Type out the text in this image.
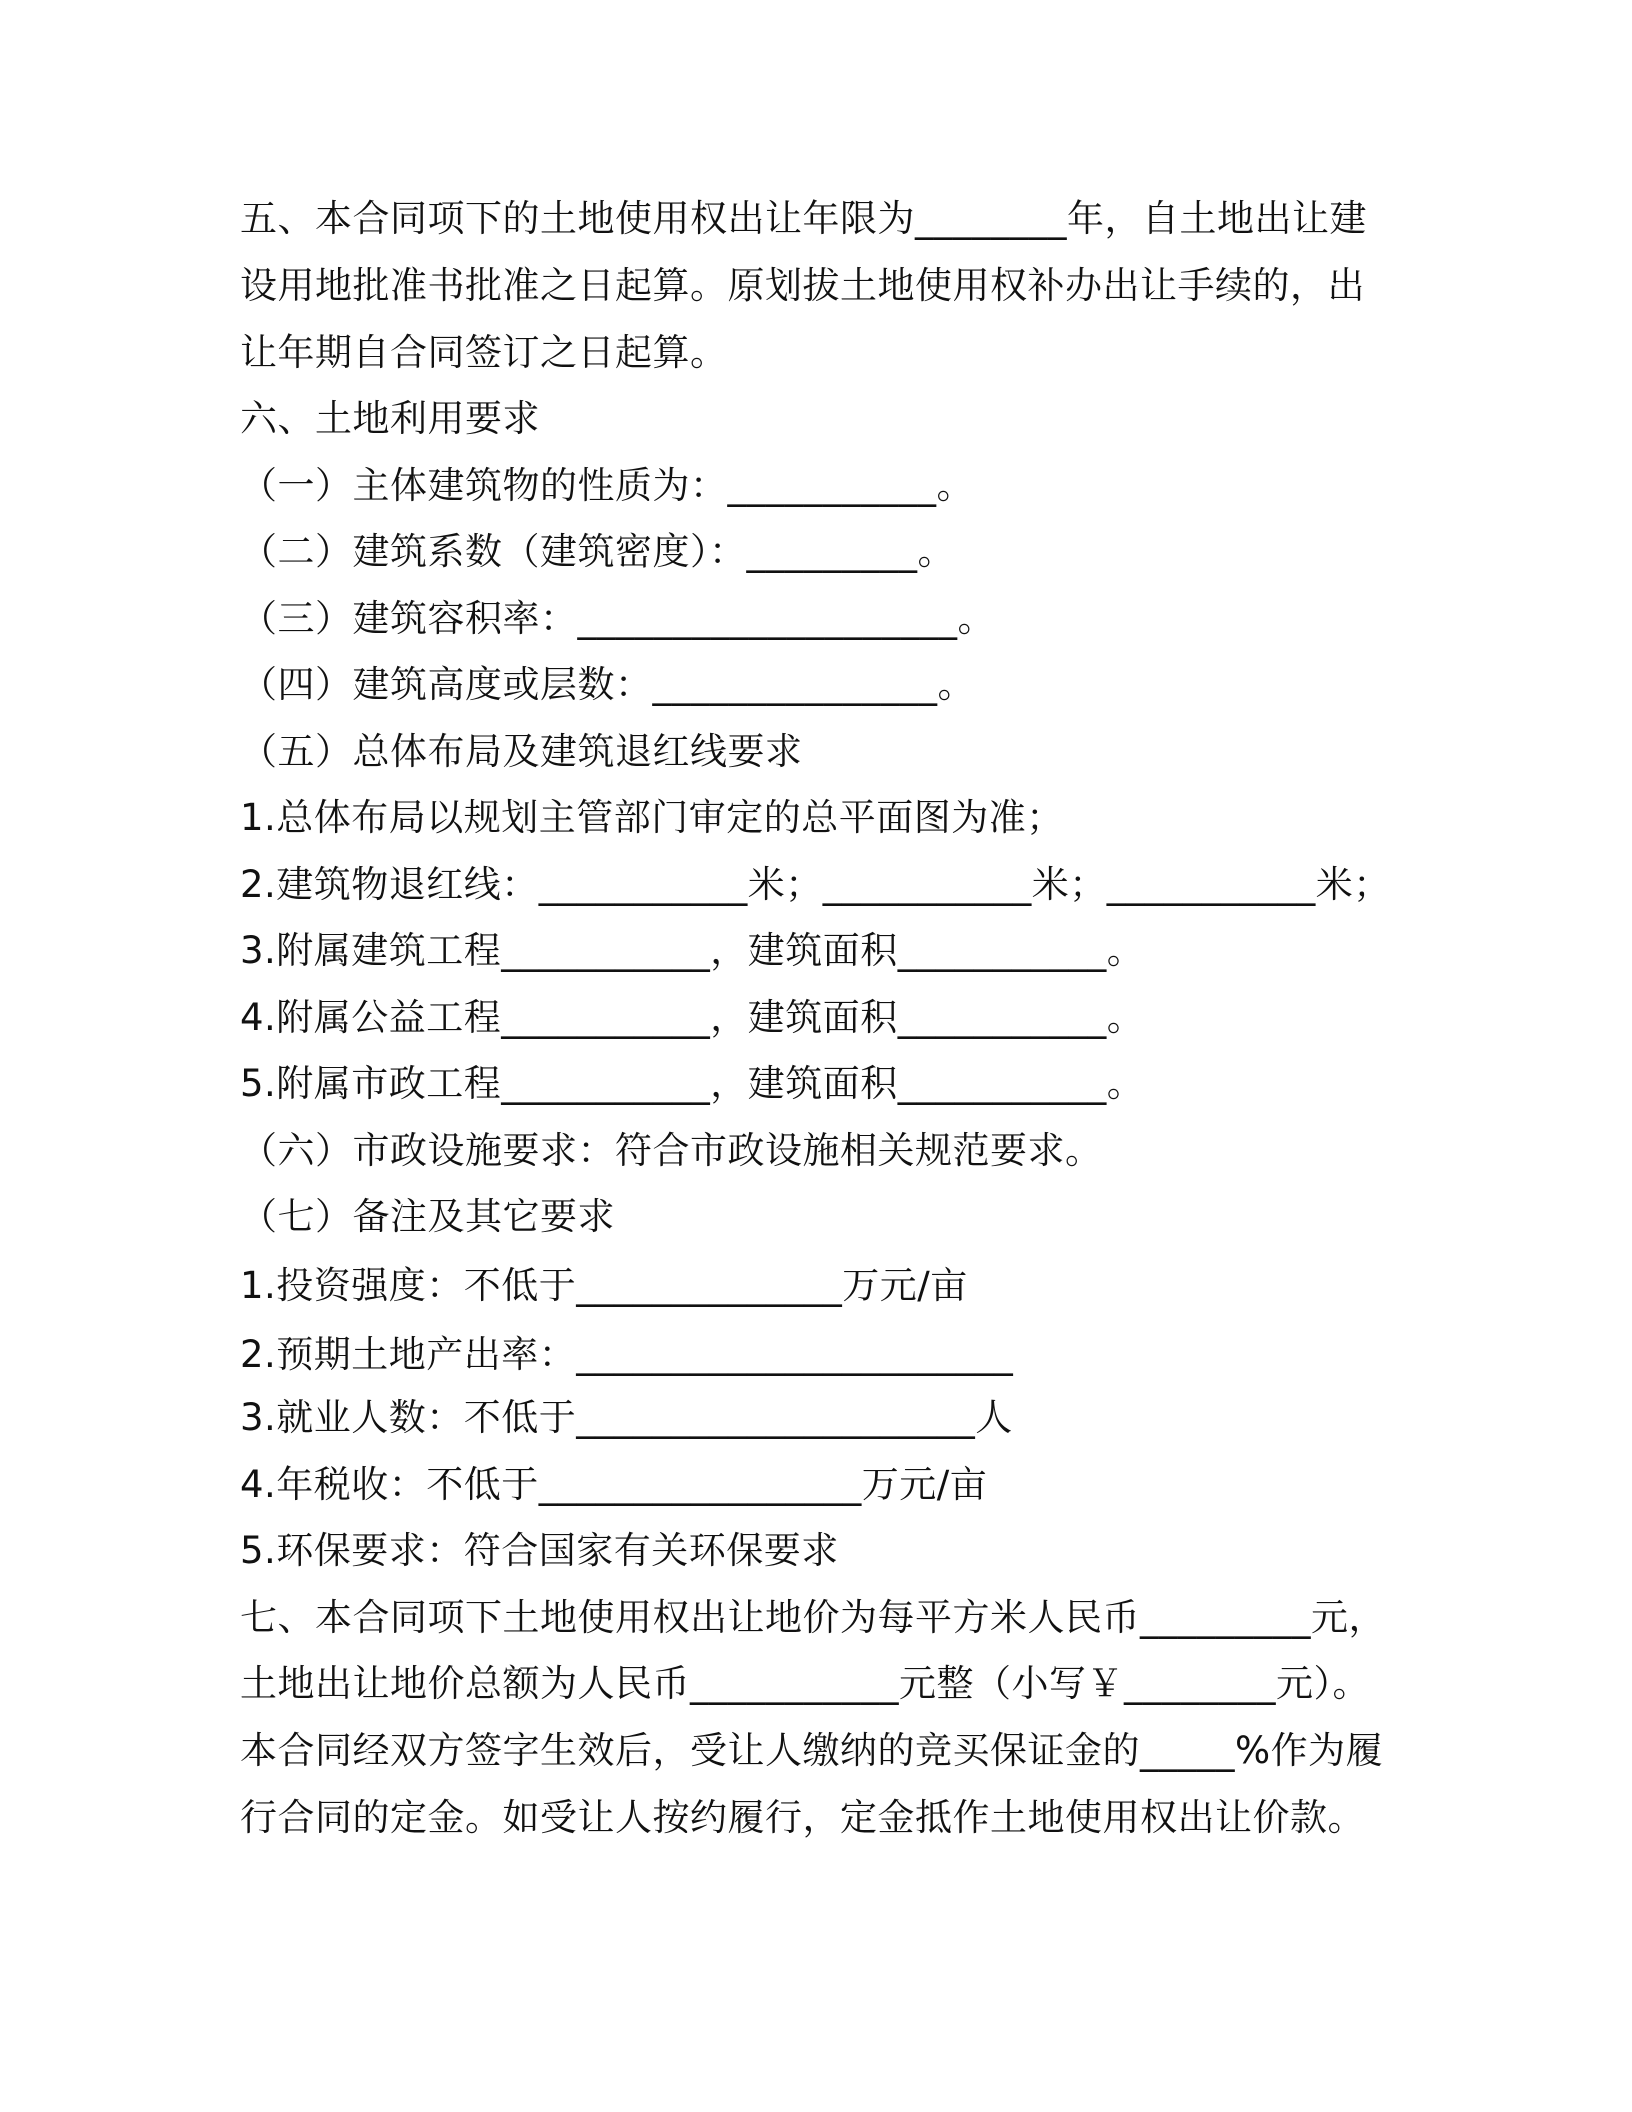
五、本合同项下的土地使用权出让年限为________年，自土地出让建

设用地批准书批准之日起算。原划拔土地使用权补办出让手续的，出

让年期自合同签订之日起算。

六、土地利用要求

（一）主体建筑物的性质为：___________。

（二）建筑系数（建筑密度）：_________。

（三）建筑容积率：____________________。

（四）建筑高度或层数：_______________。

（五）总体布局及建筑退红线要求

1.总体布局以规划主管部门审定的总平面图为准；

2.建筑物退红线：___________米；___________米；___________米；

3.附属建筑工程___________，建筑面积___________。

4.附属公益工程___________，建筑面积___________。

5.附属市政工程___________，建筑面积___________。

（六）市政设施要求：符合市政设施相关规范要求。

（七）备注及其它要求

1.投资强度：不低于______________万元/亩

2.预期土地产出率：_______________________

3.就业人数：不低于_____________________人

4.年税收：不低于_________________万元/亩

5.环保要求：符合国家有关环保要求

七、本合同项下土地使用权出让地价为每平方米人民币_________元，

土地出让地价总额为人民币___________元整（小写￥________元）。

本合同经双方签字生效后，受让人缴纳的竞买保证金的_____%作为履

行合同的定金。如受让人按约履行，定金抵作土地使用权出让价款。
